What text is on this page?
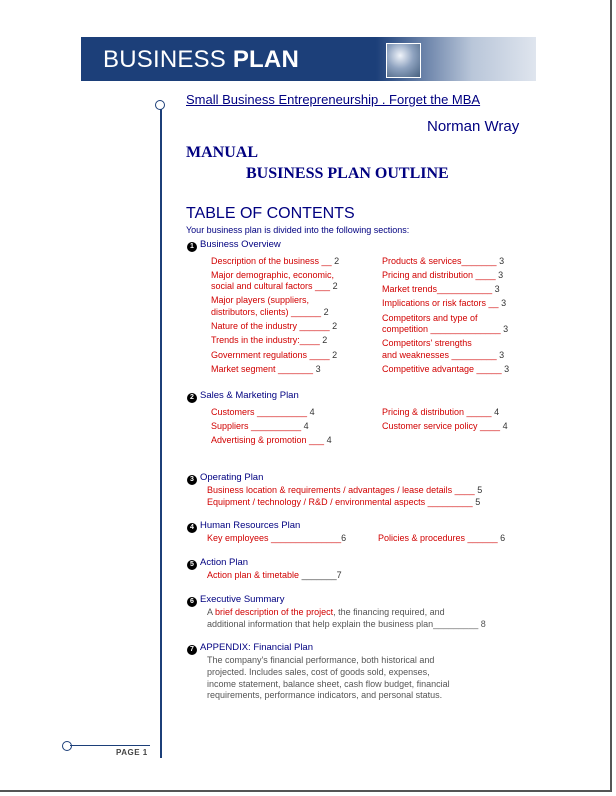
BUSINESS PLAN
PAGE 1
Small Business Entrepreneurship . Forget the MBA
Norman Wray
MANUAL
BUSINESS PLAN OUTLINE
TABLE OF CONTENTS
Your business plan is divided into the following sections:
1 Business Overview
Description of the business __ 2
Major demographic, economic,
social and cultural factors ___ 2
Major players (suppliers,
distributors, clients) ______ 2
Nature of the industry ______ 2
Trends in the industry:____ 2
Government regulations ____ 2
Market segment _______ 3
Products & services_______ 3
Pricing and distribution ____ 3
Market trends___________ 3
Implications or risk factors __ 3
Competitors and type of
competition ______________ 3
Competitors' strengths
and weaknesses _________ 3
Competitive advantage _____ 3
2 Sales & Marketing Plan
Customers __________ 4
Suppliers __________ 4
Advertising & promotion ___ 4
Pricing & distribution _____ 4
Customer service policy ____ 4
3 Operating Plan
Business location & requirements / advantages / lease details ____ 5
Equipment / technology / R&D / environmental aspects _________ 5
4 Human Resources Plan
Key employees ______________6	Policies & procedures ______ 6
5 Action Plan
Action plan & timetable _______7
6 Executive Summary
A brief description of the project, the financing required, and
additional information that help explain the business plan_________ 8
7 APPENDIX: Financial Plan
The company's financial performance, both historical and
projected. Includes sales, cost of goods sold, expenses,
income statement, balance sheet, cash flow budget, financial
requirements, performance indicators, and personal status.
